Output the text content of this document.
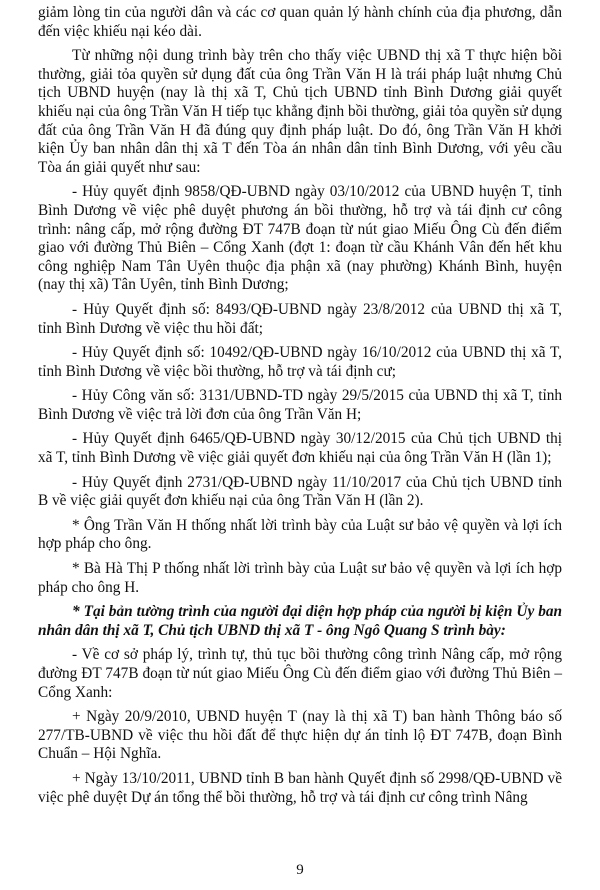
giảm lòng tin của người dân và các cơ quan quản lý hành chính của địa phương, dẫn đến việc khiếu nại kéo dài.

Từ những nội dung trình bày trên cho thấy việc UBND thị xã T thực hiện bồi thường, giải tỏa quyền sử dụng đất của ông Trần Văn H là trái pháp luật nhưng Chủ tịch UBND huyện (nay là thị xã T, Chủ tịch UBND tỉnh Bình Dương giải quyết khiếu nại của ông Trần Văn H tiếp tục khẳng định bồi thường, giải tỏa quyền sử dụng đất của ông Trần Văn H đã đúng quy định pháp luật. Do đó, ông Trần Văn H khởi kiện Ủy ban nhân dân thị xã T đến Tòa án nhân dân tỉnh Bình Dương, với yêu cầu Tòa án giải quyết như sau:

- Hủy quyết định 9858/QĐ-UBND ngày 03/10/2012 của UBND huyện T, tỉnh Bình Dương về việc phê duyệt phương án bồi thường, hỗ trợ và tái định cư công trình: nâng cấp, mở rộng đường ĐT 747B đoạn từ nút giao Miếu Ông Cù đến điểm giao với đường Thủ Biên – Cổng Xanh (đợt 1: đoạn từ cầu Khánh Vân đến hết khu công nghiệp Nam Tân Uyên thuộc địa phận xã (nay phường) Khánh Bình, huyện (nay thị xã) Tân Uyên, tỉnh Bình Dương;

- Hủy Quyết định số: 8493/QĐ-UBND ngày 23/8/2012 của UBND thị xã T, tỉnh Bình Dương về việc thu hồi đất;

- Hủy Quyết định số: 10492/QĐ-UBND ngày 16/10/2012 của UBND thị xã T, tỉnh Bình Dương về việc bồi thường, hỗ trợ và tái định cư;

- Hủy Công văn số: 3131/UBND-TD ngày 29/5/2015 của UBND thị xã T, tỉnh Bình Dương về việc trả lời đơn của ông Trần Văn H;

- Hủy Quyết định 6465/QĐ-UBND ngày 30/12/2015 của Chủ tịch UBND thị xã T, tỉnh Bình Dương về việc giải quyết đơn khiếu nại của ông Trần Văn H (lần 1);

- Hủy Quyết định 2731/QĐ-UBND ngày 11/10/2017 của Chủ tịch UBND tỉnh B về việc giải quyết đơn khiếu nại của ông Trần Văn H (lần 2).

* Ông Trần Văn H thống nhất lời trình bày của Luật sư bảo vệ quyền và lợi ích hợp pháp cho ông.

* Bà Hà Thị P thống nhất lời trình bày của Luật sư bảo vệ quyền và lợi ích hợp pháp cho ông H.

* Tại bản tường trình của người đại diện hợp pháp của người bị kiện Ủy ban nhân dân thị xã T, Chủ tịch UBND thị xã T - ông Ngô Quang S trình bày:

- Về cơ sở pháp lý, trình tự, thủ tục bồi thường công trình Nâng cấp, mở rộng đường ĐT 747B đoạn từ nút giao Miếu Ông Cù đến điểm giao với đường Thủ Biên – Cổng Xanh:

+ Ngày 20/9/2010, UBND huyện T (nay là thị xã T) ban hành Thông báo số 277/TB-UBND về việc thu hồi đất để thực hiện dự án tỉnh lộ ĐT 747B, đoạn Bình Chuẩn – Hội Nghĩa.

+ Ngày 13/10/2011, UBND tỉnh B ban hành Quyết định số 2998/QĐ-UBND về việc phê duyệt Dự án tổng thể bồi thường, hỗ trợ và tái định cư công trình Nâng

9
